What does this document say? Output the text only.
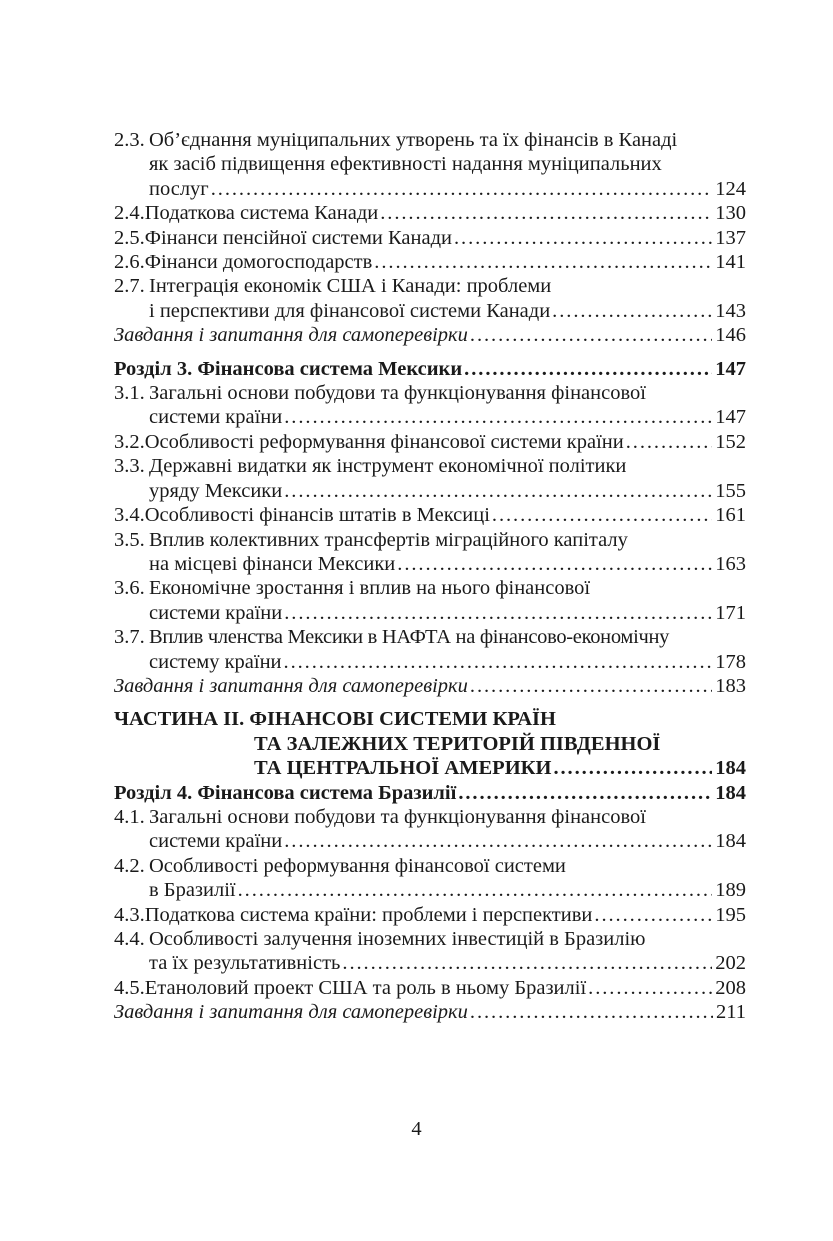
2.3. Об’єднання муніципальних утворень та їх фінансів в Канаді
як засіб підвищення ефективності надання муніципальних
послуг . . .	124
2.4. Податкова система Канади . . .	130
2.5. Фінанси пенсійної системи Канади . . .	137
2.6. Фінанси домогосподарств . . .	141
2.7. Інтеграція економік США і Канади: проблеми
і перспективи для фінансової системи Канади . . .	143
Завдання і запитання для самоперевірки . . .	146
Розділ 3. Фінансова система Мексики . . .	147
3.1. Загальні основи побудови та функціонування фінансової
системи країни . . .	147
3.2. Особливості реформування фінансової системи країни . . .	152
3.3. Державні видатки як інструмент економічної політики
уряду Мексики . . .	155
3.4. Особливості фінансів штатів в Мексиці . . .	161
3.5. Вплив колективних трансфертів міграційного капіталу
на місцеві фінанси Мексики . . .	163
3.6. Економічне зростання і вплив на нього фінансової
системи країни . . .	171
3.7. Вплив членства Мексики в НАФТА на фінансово-економічну
систему країни . . .	178
Завдання і запитання для самоперевірки . . .	183
ЧАСТИНА ІІ. ФІНАНСОВІ СИСТЕМИ КРАЇН
ТА ЗАЛЕЖНИХ ТЕРИТОРІЙ ПІВДЕННОЇ
ТА ЦЕНТРАЛЬНОЇ АМЕРИКИ . . .	184
Розділ 4. Фінансова система Бразилії . . .	184
4.1. Загальні основи побудови та функціонування фінансової
системи країни . . .	184
4.2. Особливості реформування фінансової системи
в Бразилії . . .	189
4.3. Податкова система країни: проблеми і перспективи . . .	195
4.4. Особливості залучення іноземних інвестицій в Бразилію
та їх результативність . . .	202
4.5. Етаноловий проект США та роль в ньому Бразилії . . .	208
Завдання і запитання для самоперевірки . . .	211
4
